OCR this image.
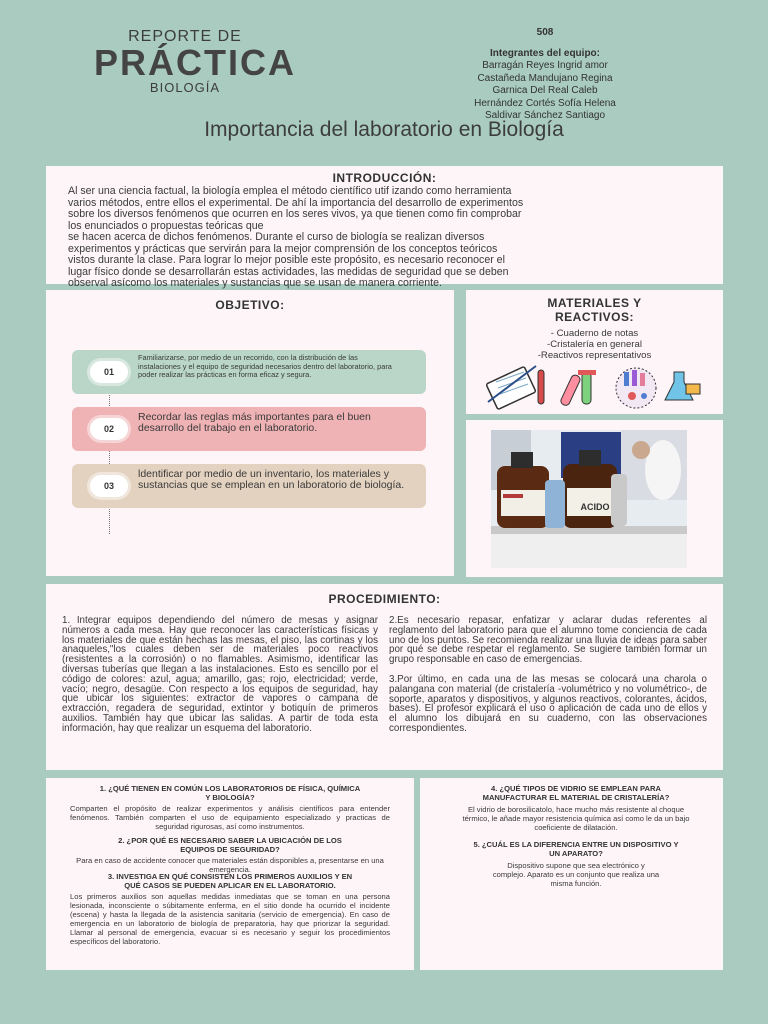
REPORTE DE
PRÁCTICA
BIOLOGÍA
508
Integrantes del equipo:
Barragán Reyes Ingrid amor
Castañeda Mandujano Regina
Garnica Del Real Caleb
Hernández Cortés Sofía Helena
Saldivar Sánchez Santiago
Importancia del laboratorio en Biología
INTRODUCCIÓN:
Al ser una ciencia factual, la biología emplea el método científico utif izando como herramienta
varios métodos, entre ellos el experimental. De ahí la importancia del desarrollo de experimentos
sobre los diversos fenómenos que ocurren en los seres vivos, ya que tienen como fin comprobar
los enunciados o propuestas teóricas que
se hacen acerca de dichos fenómenos. Durante el curso de biología se realizan diversos
experimentos y prácticas que servirán para la mejor comprensión de los conceptos teóricos
vistos durante la clase. Para lograr lo mejor posible este propósito, es necesario reconocer el
lugar físico donde se desarrollarán estas actividades, las medidas de seguridad que se deben
observal asícomo los materiales y sustancias que se usan de manera corriente.
OBJETIVO:
01
Familiarizarse, por medio de un recorrido, con la distribución de las instalaciones y el equipo de seguridad necesarios dentro del laboratorio, para poder realizar las prácticas en forma eficaz y segura.
02
Recordar las reglas más importantes para el buen desarrollo del trabajo en el laboratorio.
03
ldentificar por medio de un inventario, los materiales y sustancias que se emplean en un laboratorio de biología.
MATERIALES Y
REACTIVOS:
- Cuaderno de notas
-Cristalería en general
-Reactivos representativos
ACIDO
PROCEDIMIENTO:
1. Integrar equipos dependiendo del número de mesas y asignar números a cada mesa. Hay que reconocer las características físicas y los materiales de que están hechas las mesas, el piso, las cortinas y los anaqueles,"los cuales deben ser de materiales poco reactivos (resistentes a la corrosión) o no flamables. Asimismo, identificar las diversas tuberías que llegan a las instalaciones. Esto es sencillo por el código de colores: azul, agua; amarillo, gas; rojo, electricidad; verde, vacío; negro, desagüe. Con respecto a los equipos de seguridad, hay que ubicar los siguientes: extractor de vapores o campana de extracción, regadera de seguridad, extintor y botiquín de primeros auxilios. También hay que ubicar las salidas. A partir de toda esta información, hay que realizar un esquema del laboratorio.
2.Es necesario repasar, enfatizar y aclarar dudas referentes al reglamento del laboratorio para que el alumno tome conciencia de cada uno de los puntos. Se recomienda realizar una lluvia de ideas para saber por qué se debe respetar el reglamento. Se sugiere también formar un grupo responsable en caso de emergencias.
3.Por último, en cada una de las mesas se colocará una charola o palangana con material (de cristalería -volumétrico y no volumétrico-, de soporte, aparatos y dispositivos, y algunos reactivos, colorantes, ácidos, bases). El profesor explicará el uso o aplicación de cada uno de ellos y el alumno los dibujará en su cuaderno, con las observaciones correspondientes.
1. ¿QUÉ TIENEN EN COMÚN LOS LABORATORIOS DE FÍSICA, QUÍMICA Y BIOLOGÍA?
Comparten el propósito de realizar experimentos y análisis científicos para entender fenómenos. También comparten el uso de equipamiento especializado y practicas de seguridad rigurosas, así como instrumentos.
2. ¿POR QUÉ ES NECESARIO SABER LA UBICACIÓN DE LOS EQUIPOS DE SEGURIDAD?
Para en caso de accidente conocer que materiales están disponibles a, presentarse en una emergencia.
3. INVESTIGA EN QUÉ CONSISTEN LOS PRIMEROS AUXILIOS Y EN QUÉ CASOS SE PUEDEN APLICAR EN EL LABORATORIO.
Los primeros auxilios son aquellas medidas inmediatas que se toman en una persona lesionada, inconsciente o súbitamente enferma, en el sitio donde ha ocurrido el incidente (escena) y hasta la llegada de la asistencia sanitaria (servicio de emergencia). En caso de emergencia en un laboratorio de biología de preparatoria, hay que priorizar la seguridad. Llamar al personal de emergencia, evacuar si es necesario y seguir los procedimientos específicos del laboratorio.
4. ¿QUÉ TIPOS DE VIDRIO SE EMPLEAN PARA MANUFACTURAR EL MATERIAL DE CRISTALERÍA?
El vidrio de borosilicatolo, hace mucho más resistente al choque térmico, le añade mayor resistencia química así como le da un bajo coeficiente de dilatación.
5. ¿CUÁL ES LA DIFERENCIA ENTRE UN DISPOSITIVO Y UN APARATO?
Dispositivo supone que sea electrónico y complejo. Aparato es un conjunto que realiza una misma función.
